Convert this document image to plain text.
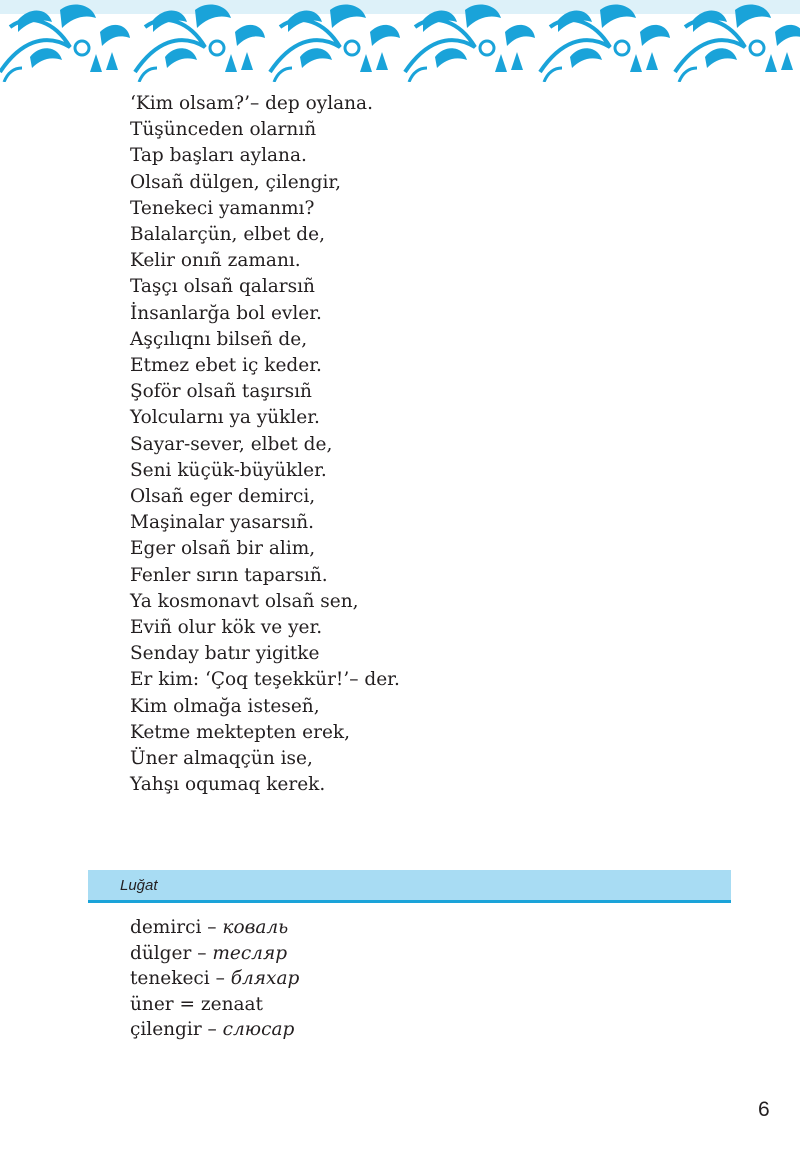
‘Kim olsam?’– dep oylana.
Tüşünceden olarnıñ
Tap başları aylana.
Olsañ dülgen, çilengir,
Tenekeci yamanmı?
Balalarçün, elbet de,
Kelir onıñ zamanı.
Taşçı olsañ qalarsıñ
İnsanlarğa bol evler.
Aşçılıqnı bilseñ de,
Etmez ebet iç keder.
Şoför olsañ taşırsıñ
Yolcularnı ya yükler.
Sayar-sever, elbet de,
Seni küçük-büyükler.
Olsañ eger demirci,
Maşinalar yasarsıñ.
Eger olsañ bir alim,
Fenler sırın taparsıñ.
Ya kosmonavt olsañ sen,
Eviñ olur kök ve yer.
Senday batır yigitke
Er kim: ‘Çoq teşekkür!’– der.
Kim olmağa isteseñ,
Ketme mektepten erek,
Üner almaqçün ise,
Yahşı oqumaq kerek.
Luğat
demirci – коваль
dülger – тесляр
tenekeci – бляхар
üner = zenaat
çilengir – слюсар
6
